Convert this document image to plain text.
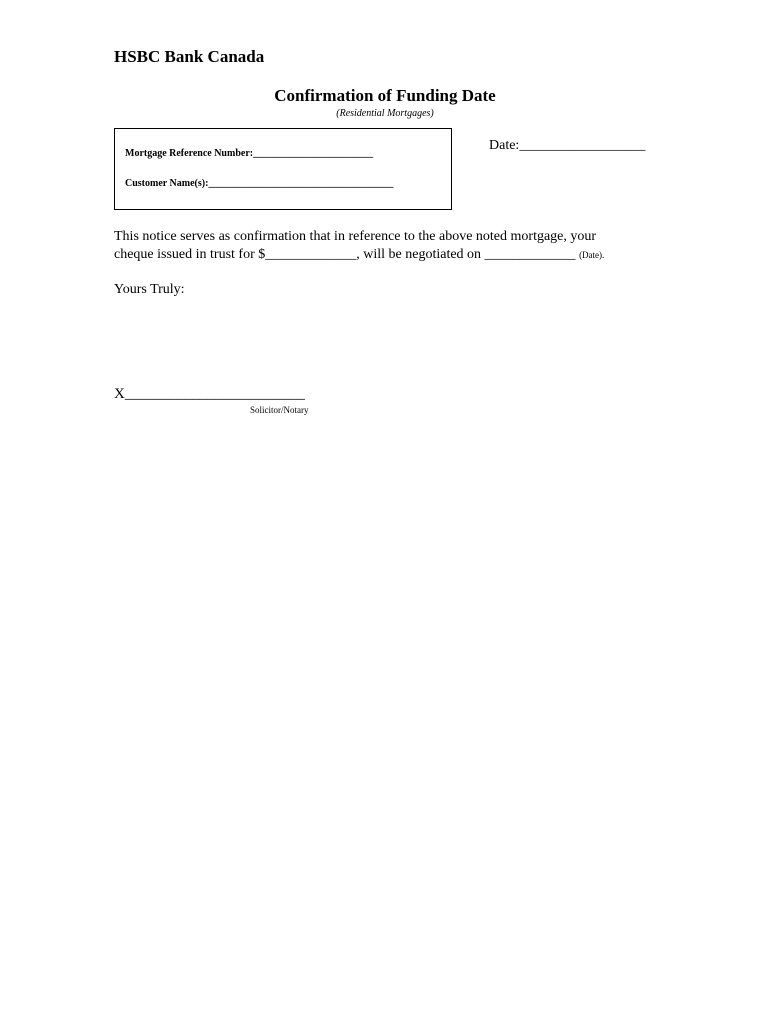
HSBC Bank Canada
Confirmation of Funding Date
(Residential Mortgages)
Mortgage Reference Number:________________________
Customer Name(s):_____________________________________
Date:__________________
This notice serves as confirmation that in reference to the above noted mortgage, your
cheque issued in trust for $_____________, will be negotiated on _____________ (Date).
Yours Truly:
X________________________
Solicitor/Notary
